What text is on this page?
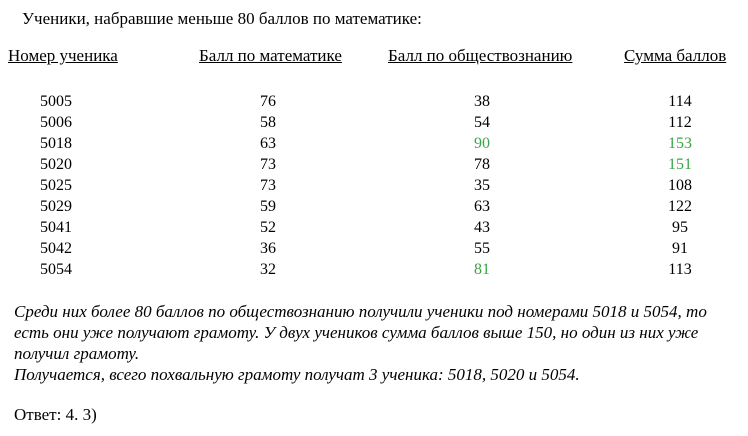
Ученики, набравшие меньше 80 баллов по математике:
Номер ученика	Балл по математике	Балл по обществознанию	Сумма баллов
5005	76	38	114
5006	58	54	112
5018	63	90	153
5020	73	78	151
5025	73	35	108
5029	59	63	122
5041	52	43	95
5042	36	55	91
5054	32	81	113

Среди них более 80 баллов по обществознанию получили ученики под номерами 5018 и 5054, то есть они уже получают грамоту. У двух учеников сумма баллов выше 150, но один из них уже получил грамоту.

Получается, всего похвальную грамоту получат 3 ученика: 5018, 5020 и 5054.

Ответ: 4. 3)
